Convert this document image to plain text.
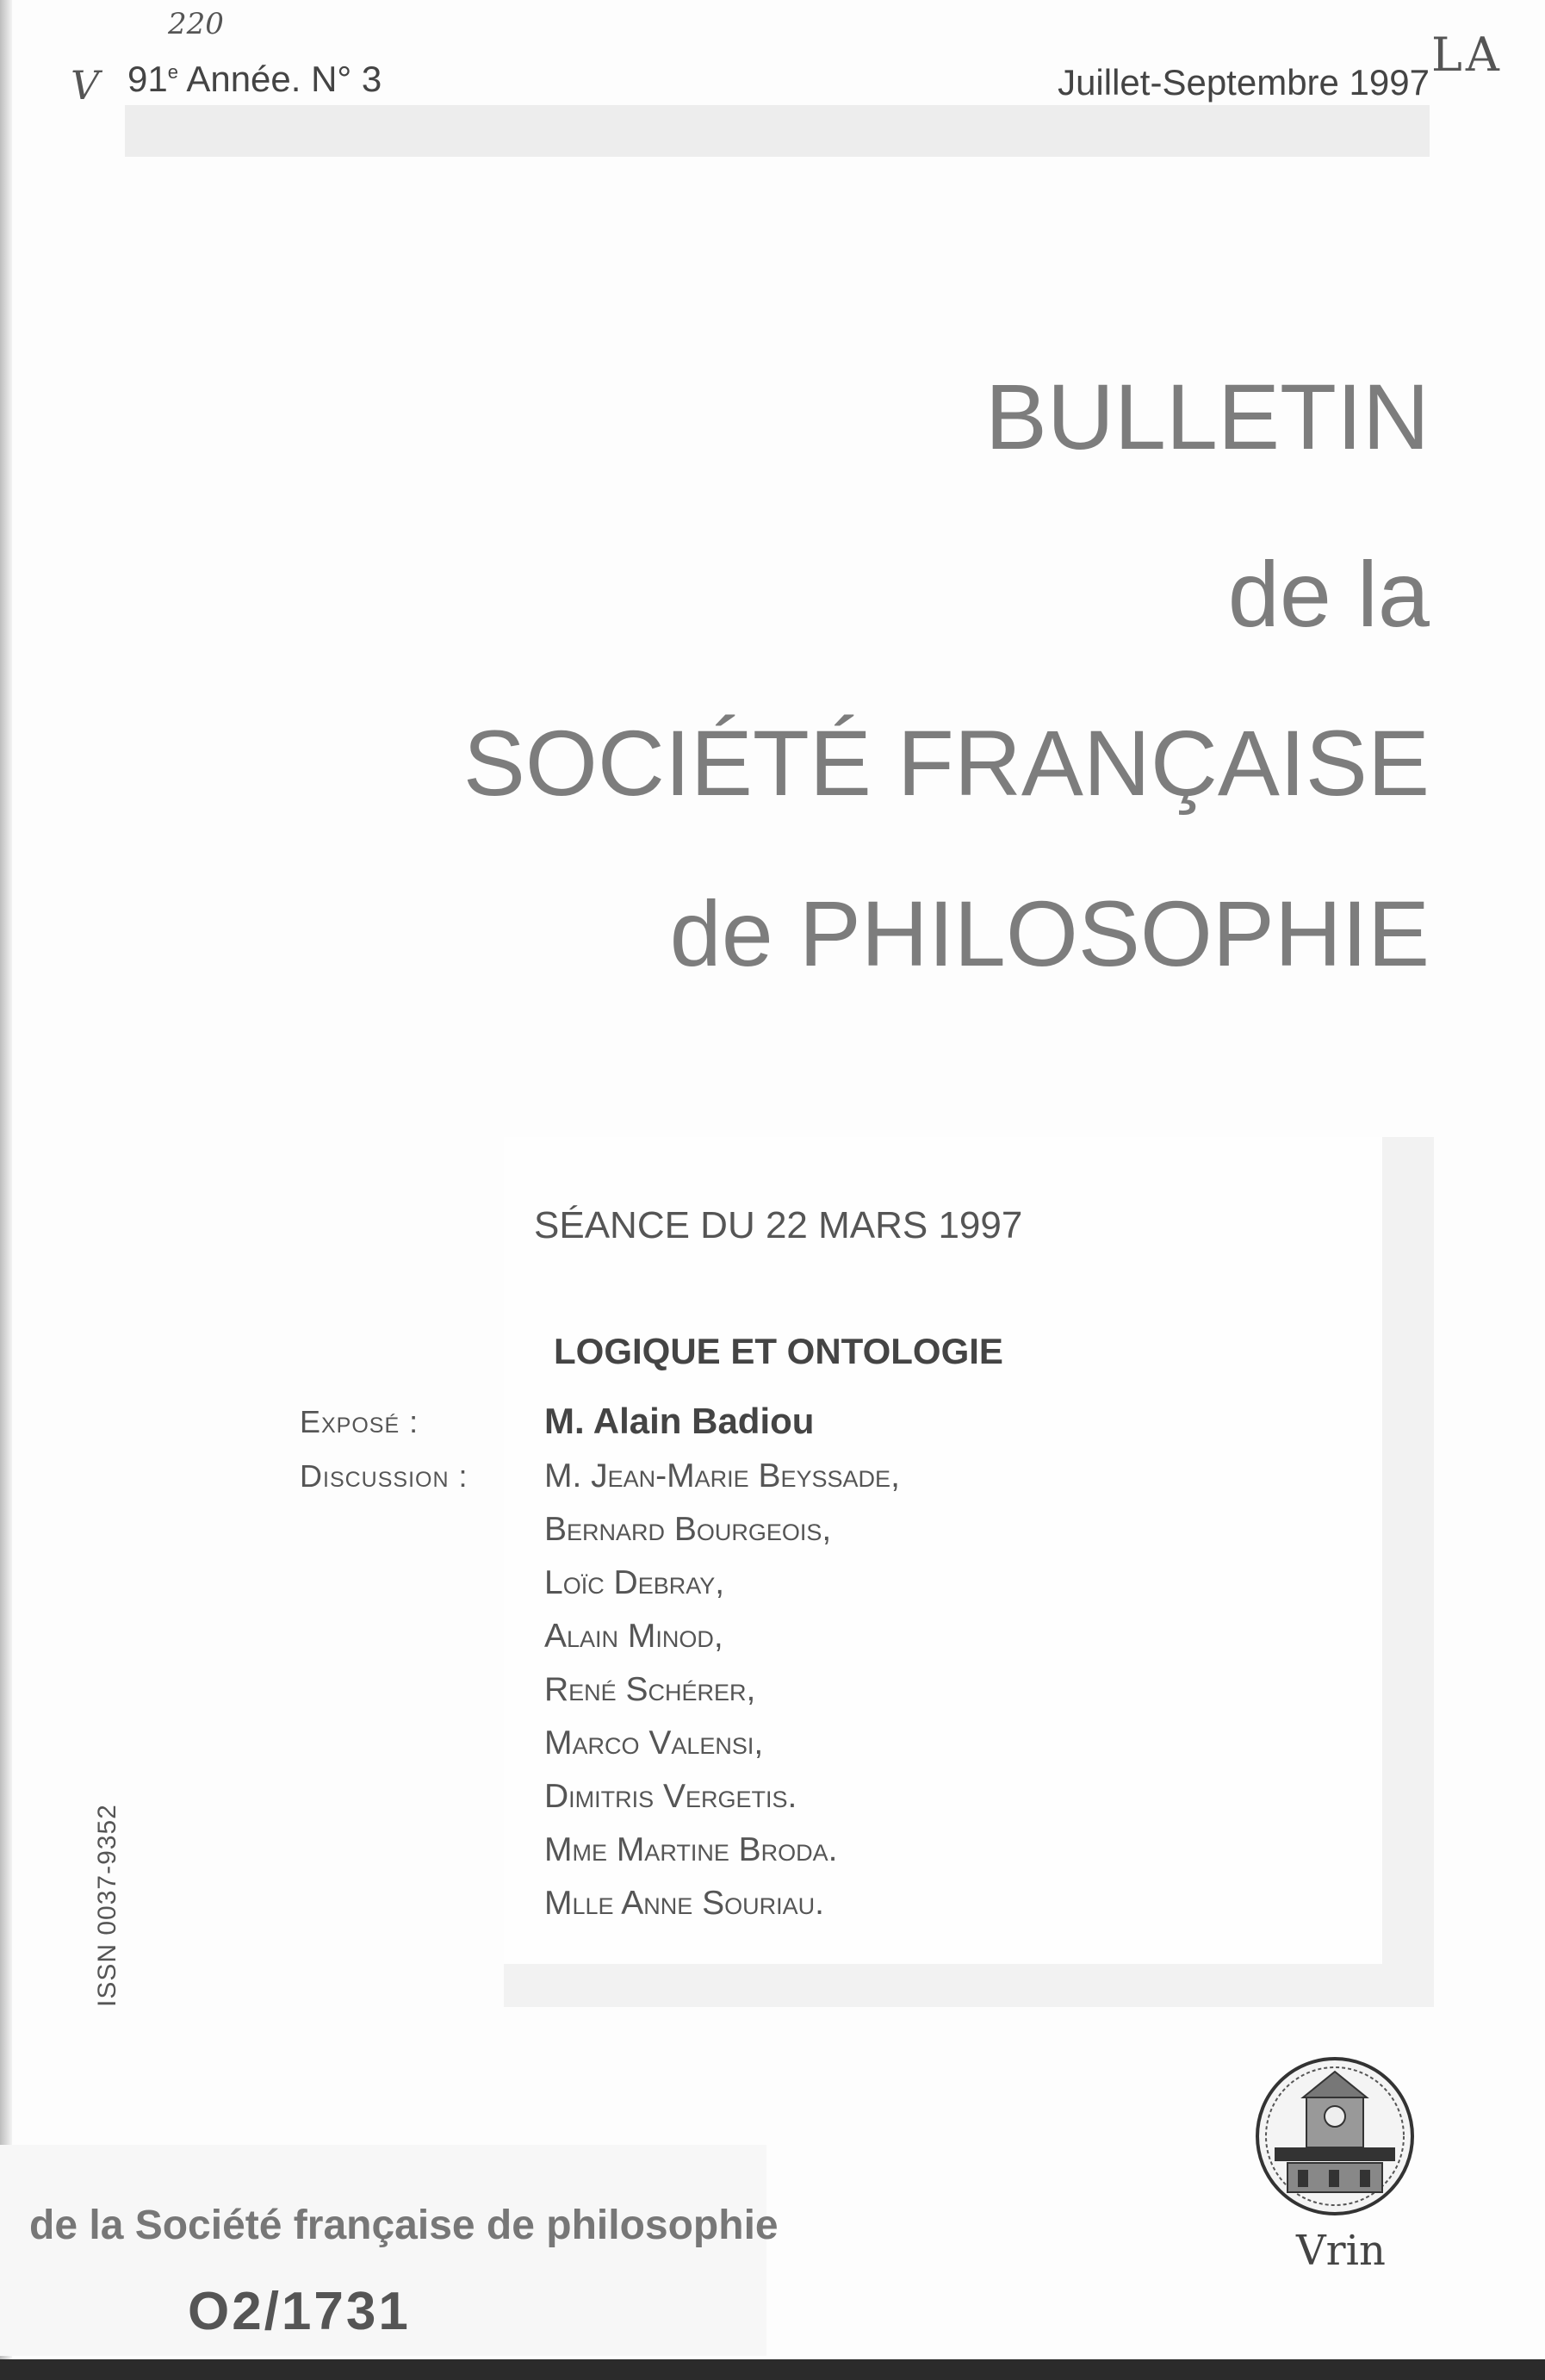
220
V
LA
91e Année. N° 3	Juillet-Septembre 1997
BULLETIN
de la
SOCIÉTÉ FRANÇAISE
de PHILOSOPHIE
SÉANCE DU 22 MARS 1997
LOGIQUE ET ONTOLOGIE
Exposé :	M. Alain Badiou
Discussion : M. Jean-Marie Beyssade,
Bernard Bourgeois,
Loïc Debray,
Alain Minod,
René Schérer,
Marco Valensi,
Dimitris Vergetis.
Mme Martine Broda.
Mlle Anne Souriau.
ISSN 0037-9352
Vrin
de la Société française de philosophie
O2/1731
